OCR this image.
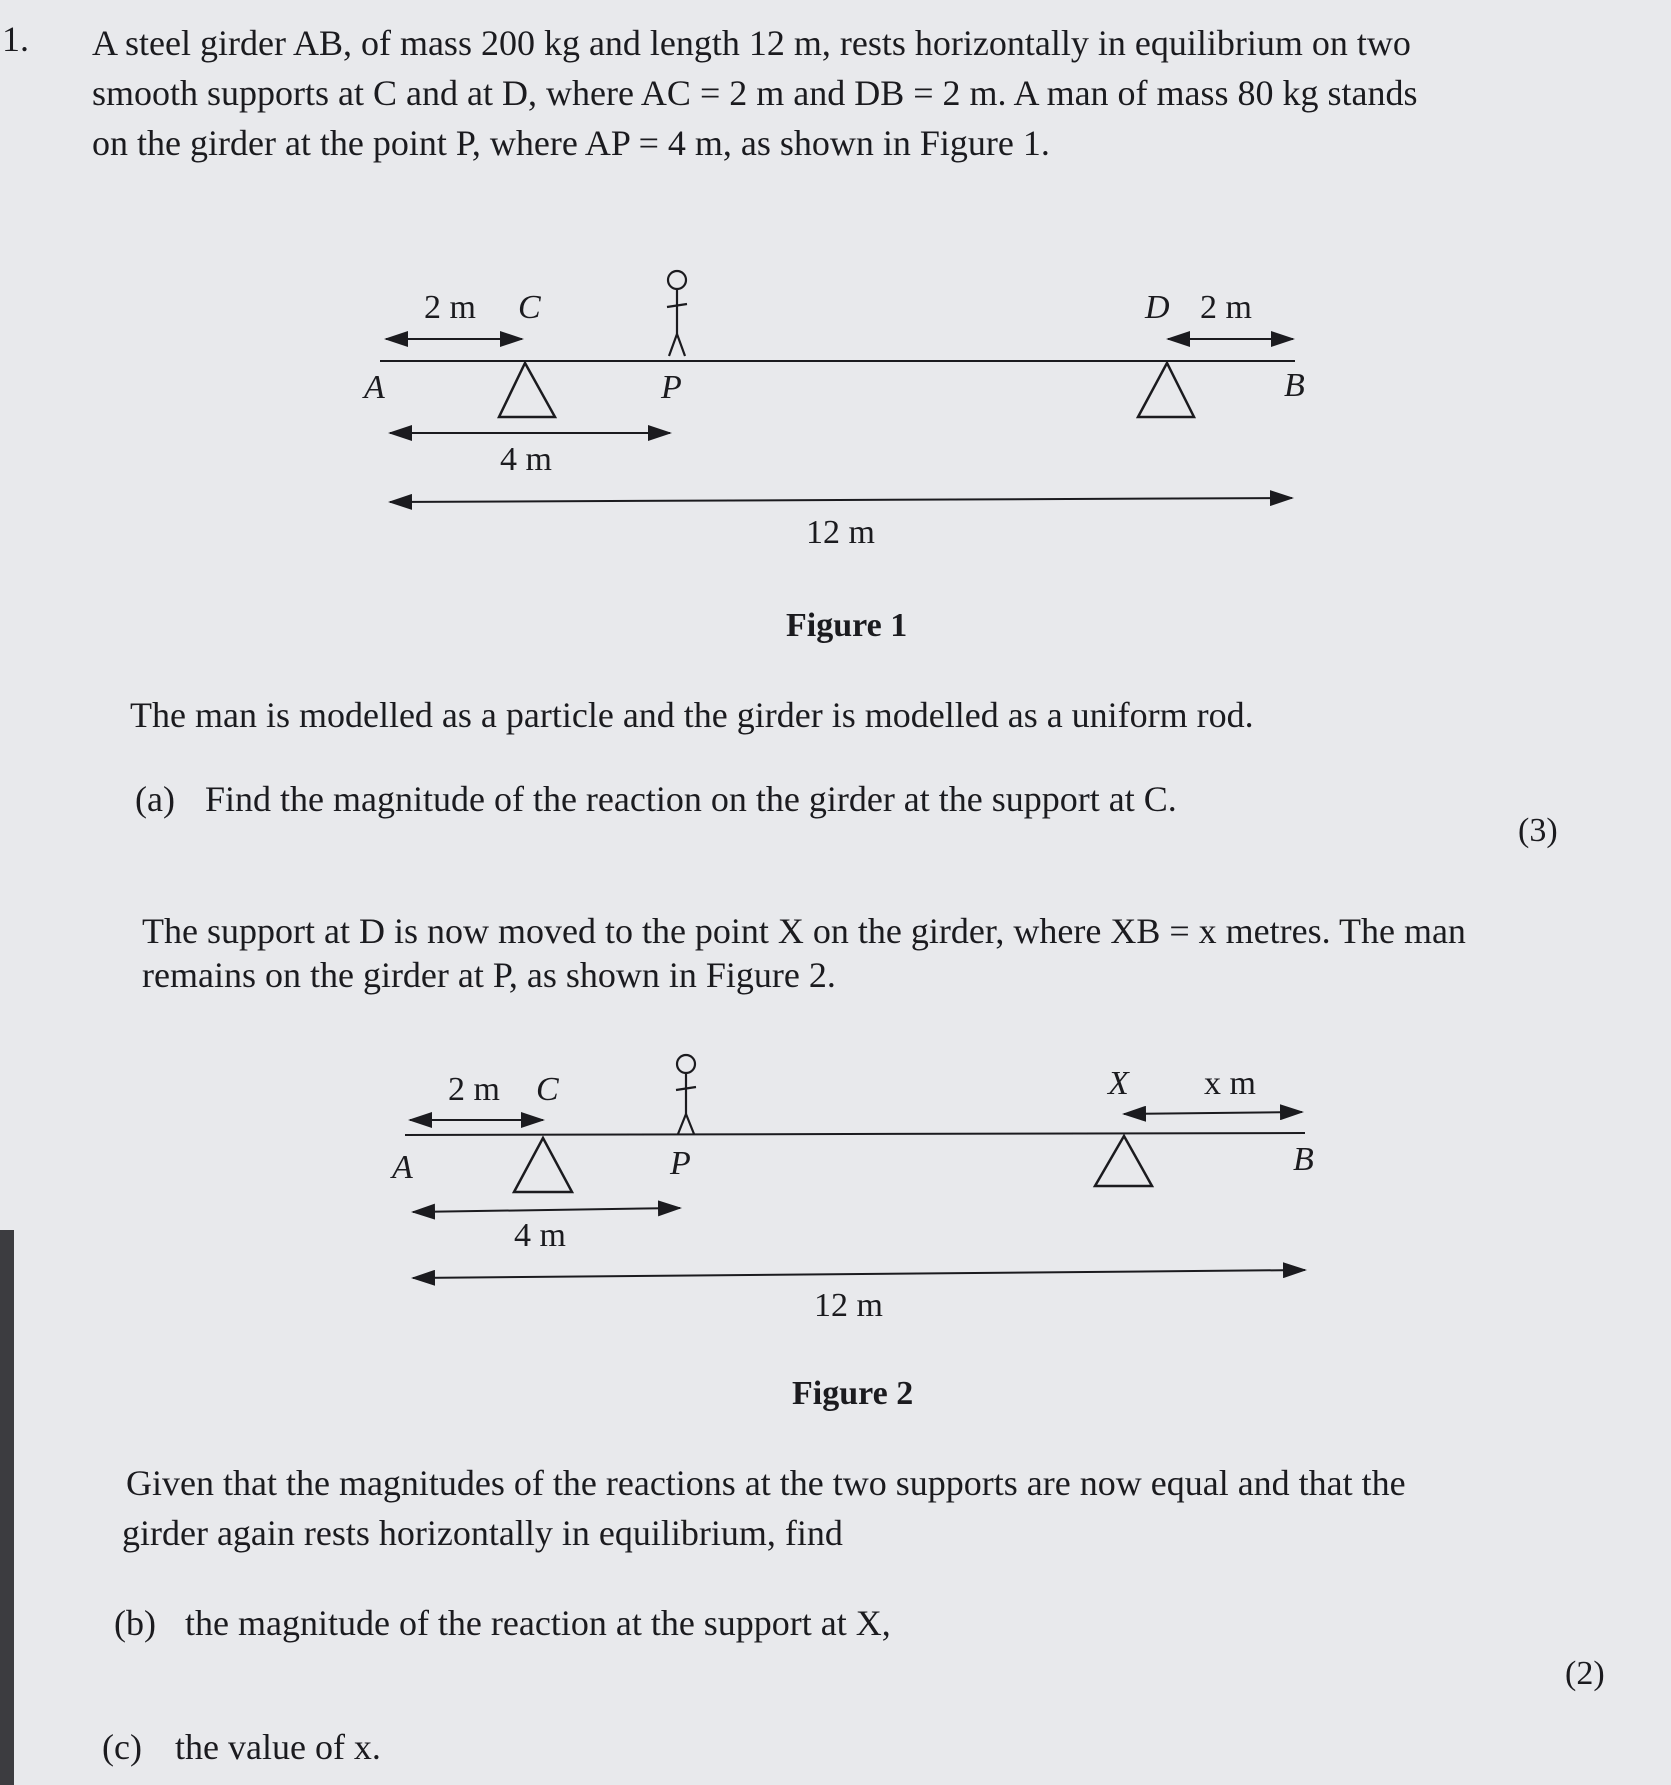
1. A steel girder AB, of mass 200 kg and length 12 m, rests horizontally in equilibrium on two

smooth supports at C and at D, where AC = 2 m and DB = 2 m. A man of mass 80 kg stands

on the girder at the point P, where AP = 4 m, as shown in Figure 1.

2 m C	D 2 m
A	P	B
4 m
12 m
2 m C	X x m
A	P	B
4 m
12 m
Figure 1

The man is modelled as a particle and the girder is modelled as a uniform rod.

(a) Find the magnitude of the reaction on the girder at the support at C.
(3)

The support at D is now moved to the point X on the girder, where XB = x metres. The man

remains on the girder at P, as shown in Figure 2.

Figure 2

Given that the magnitudes of the reactions at the two supports are now equal and that the

girder again rests horizontally in equilibrium, find

(b) the magnitude of the reaction at the support at X,
(2)
(c) the value of x.
